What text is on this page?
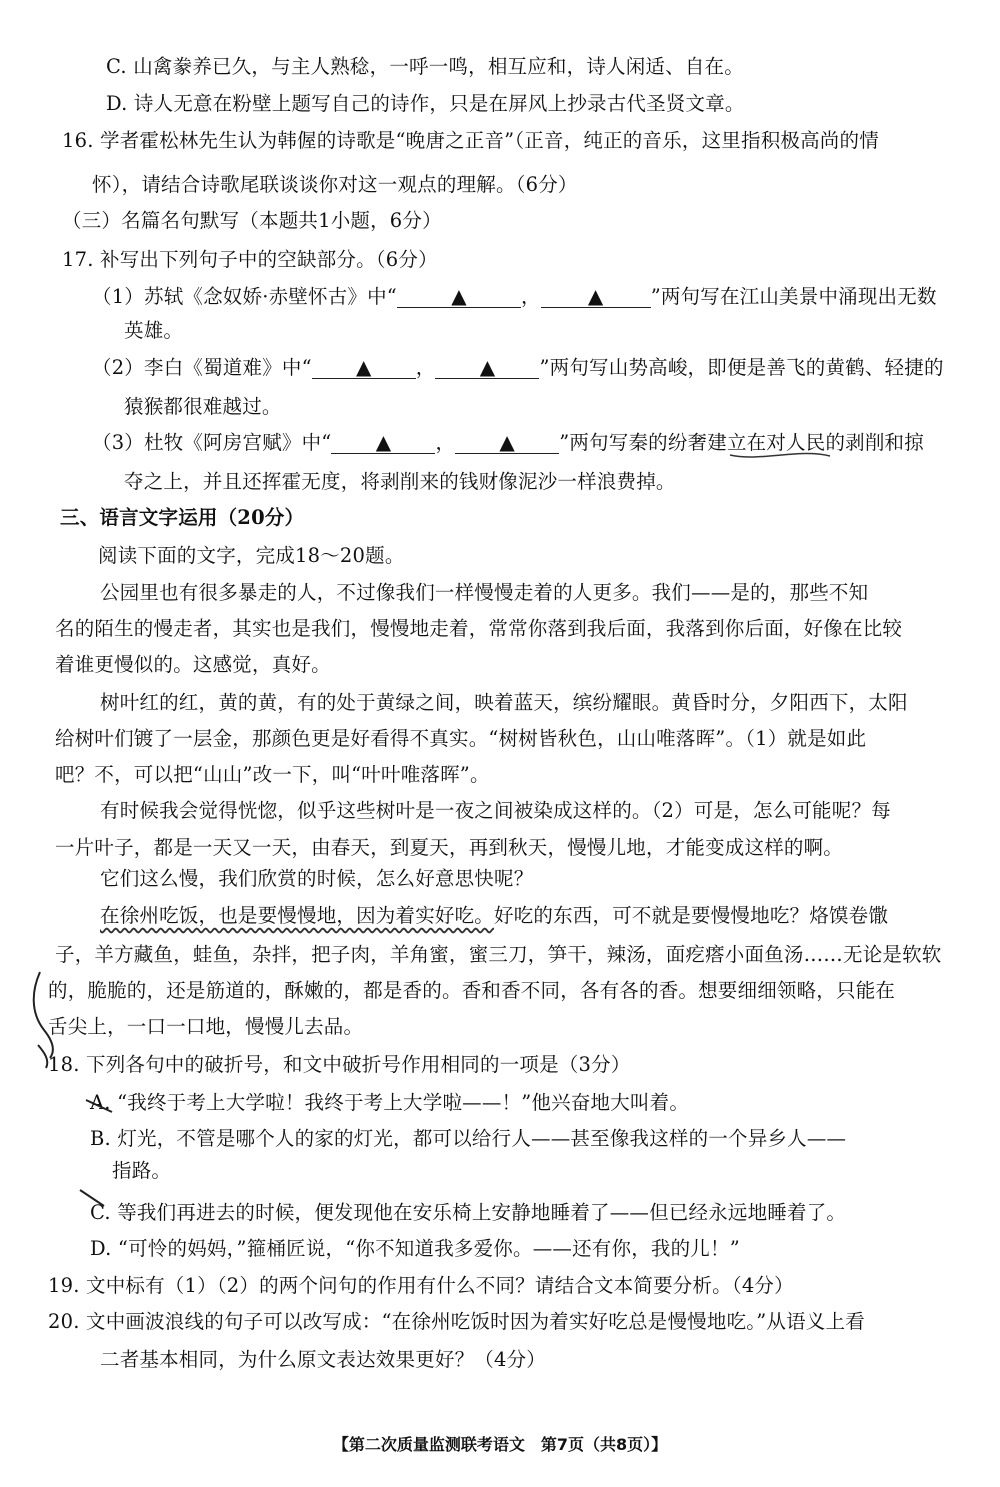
C. 山禽豢养已久，与主人熟稔，一呼一鸣，相互应和，诗人闲适、自在。
D. 诗人无意在粉壁上题写自己的诗作，只是在屏风上抄录古代圣贤文章。
16. 学者霍松林先生认为韩偓的诗歌是“晚唐之正音”（正音，纯正的音乐，这里指积极高尚的情
怀），请结合诗歌尾联谈谈你对这一观点的理解。（6分）
（三）名篇名句默写（本题共1小题，6分）
17. 补写出下列句子中的空缺部分。（6分）
（1）苏轼《念奴娇·赤壁怀古》中“	▲	， ▲ ”两句写在江山美景中涌现出无数
英雄。
（2）李白《蜀道难》中“ ▲ ， ▲ ”两句写山势高峻，即便是善飞的黄鹤、轻捷的
猿猴都很难越过。
（3）杜牧《阿房宫赋》中“ ▲ ， ▲ ”两句写秦的纷奢建立在对人民的剥削和掠
夺之上，并且还挥霍无度，将剥削来的钱财像泥沙一样浪费掉。
三、语言文字运用（20分）
阅读下面的文字，完成18～20题。
公园里也有很多暴走的人，不过像我们一样慢慢走着的人更多。我们——是的，那些不知
名的陌生的慢走者，其实也是我们，慢慢地走着，常常你落到我后面，我落到你后面，好像在比较
着谁更慢似的。这感觉，真好。
树叶红的红，黄的黄，有的处于黄绿之间，映着蓝天，缤纷耀眼。黄昏时分，夕阳西下，太阳
给树叶们镀了一层金，那颜色更是好看得不真实。“树树皆秋色，山山唯落晖”。（1）就是如此
吧？不，可以把“山山”改一下，叫“叶叶唯落晖”。
有时候我会觉得恍惚，似乎这些树叶是一夜之间被染成这样的。（2）可是，怎么可能呢？每
一片叶子，都是一天又一天，由春天，到夏天，再到秋天，慢慢儿地，才能变成这样的啊。
它们这么慢，我们欣赏的时候，怎么好意思快呢？
在徐州吃饭，也是要慢慢地，因为着实好吃。好吃的东西，可不就是要慢慢地吃？烙馍卷馓
子，羊方藏鱼，蛙鱼，杂拌，把子肉，羊角蜜，蜜三刀，笋干，辣汤，面疙瘩小面鱼汤……无论是软软
的，脆脆的，还是筋道的，酥嫩的，都是香的。香和香不同，各有各的香。想要细细领略，只能在
舌尖上，一口一口地，慢慢儿去品。
18. 下列各句中的破折号，和文中破折号作用相同的一项是（3分）
A. “我终于考上大学啦！我终于考上大学啦——！”他兴奋地大叫着。
B. 灯光，不管是哪个人的家的灯光，都可以给行人——甚至像我这样的一个异乡人——
指路。
C. 等我们再进去的时候，便发现他在安乐椅上安静地睡着了——但已经永远地睡着了。
D. “可怜的妈妈，”箍桶匠说，“你不知道我多爱你。——还有你，我的儿！”
19. 文中标有（1）（2）的两个问句的作用有什么不同？请结合文本简要分析。（4分）
20. 文中画波浪线的句子可以改写成：“在徐州吃饭时因为着实好吃总是慢慢地吃。”从语义上看
二者基本相同，为什么原文表达效果更好？（4分）
【第二次质量监测联考语文　第7页（共8页）】
